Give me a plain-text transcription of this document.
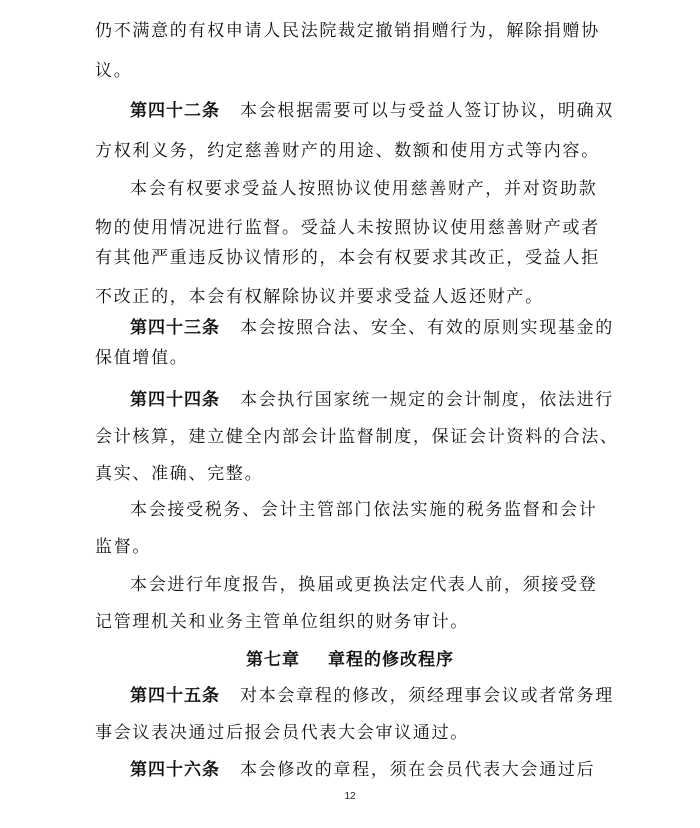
仍不满意的有权申请人民法院裁定撤销捐赠行为，解除捐赠协
议。
第四十二条 本会根据需要可以与受益人签订协议，明确双
方权利义务，约定慈善财产的用途、数额和使用方式等内容。
本会有权要求受益人按照协议使用慈善财产，并对资助款
物的使用情况进行监督。受益人未按照协议使用慈善财产或者
有其他严重违反协议情形的，本会有权要求其改正，受益人拒
不改正的，本会有权解除协议并要求受益人返还财产。
第四十三条 本会按照合法、安全、有效的原则实现基金的
保值增值。
第四十四条 本会执行国家统一规定的会计制度，依法进行
会计核算，建立健全内部会计监督制度，保证会计资料的合法、
真实、准确、完整。
本会接受税务、会计主管部门依法实施的税务监督和会计
监督。
本会进行年度报告，换届或更换法定代表人前，须接受登
记管理机关和业务主管单位组织的财务审计。
第七章 章程的修改程序
第四十五条 对本会章程的修改，须经理事会议或者常务理
事会议表决通过后报会员代表大会审议通过。
第四十六条 本会修改的章程，须在会员代表大会通过后
12
